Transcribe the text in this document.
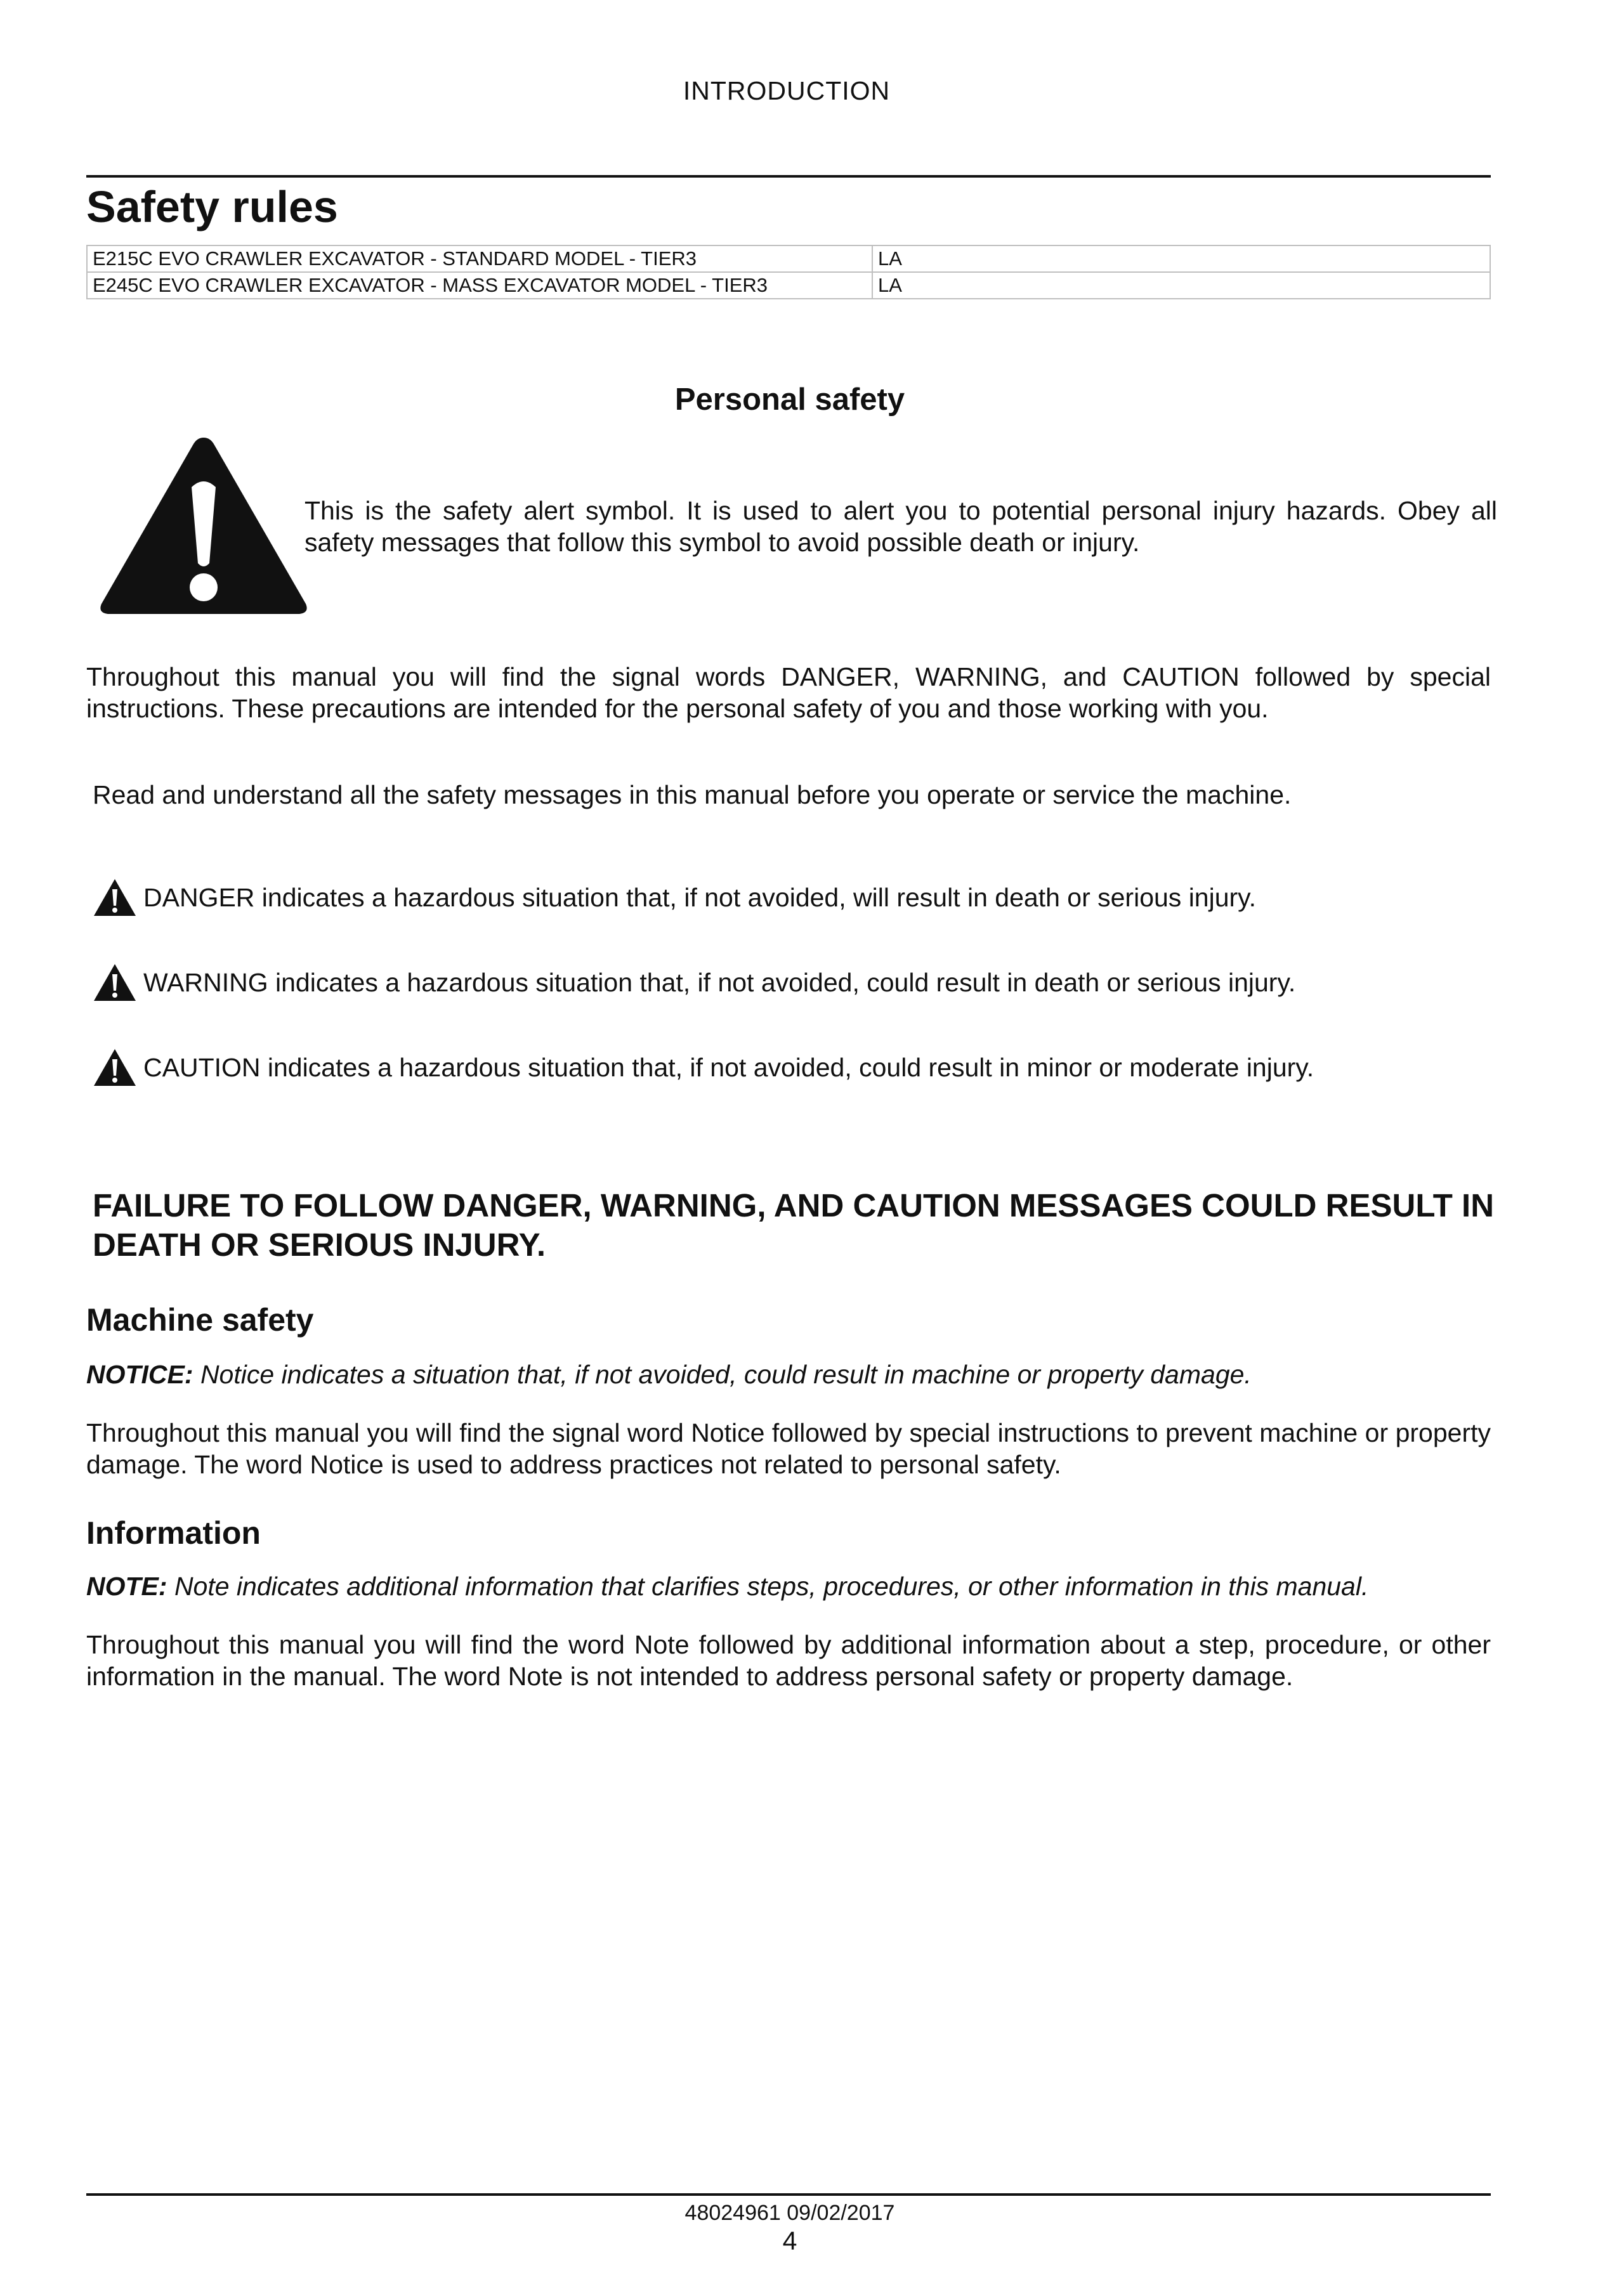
INTRODUCTION
Safety rules
E215C EVO CRAWLER EXCAVATOR - STANDARD MODEL - TIER3	LA
E245C EVO CRAWLER EXCAVATOR - MASS EXCAVATOR MODEL - TIER3	LA
Personal safety
This is the safety alert symbol. It is used to alert you to potential personal injury hazards. Obey all safety messages that follow this symbol to avoid possible death or injury.
Throughout this manual you will find the signal words DANGER, WARNING, and CAUTION followed by special instructions. These precautions are intended for the personal safety of you and those working with you.
Read and understand all the safety messages in this manual before you operate or service the machine.
DANGER indicates a hazardous situation that, if not avoided, will result in death or serious injury.
WARNING indicates a hazardous situation that, if not avoided, could result in death or serious injury.
CAUTION indicates a hazardous situation that, if not avoided, could result in minor or moderate injury.
FAILURE TO FOLLOW DANGER, WARNING, AND CAUTION MESSAGES COULD RESULT IN DEATH OR SERIOUS INJURY.
Machine safety
NOTICE: Notice indicates a situation that, if not avoided, could result in machine or property damage.
Throughout this manual you will find the signal word Notice followed by special instructions to prevent machine or property damage. The word Notice is used to address practices not related to personal safety.
Information
NOTE: Note indicates additional information that clarifies steps, procedures, or other information in this manual.
Throughout this manual you will find the word Note followed by additional information about a step, procedure, or other information in the manual. The word Note is not intended to address personal safety or property damage.
48024961 09/02/2017
4
